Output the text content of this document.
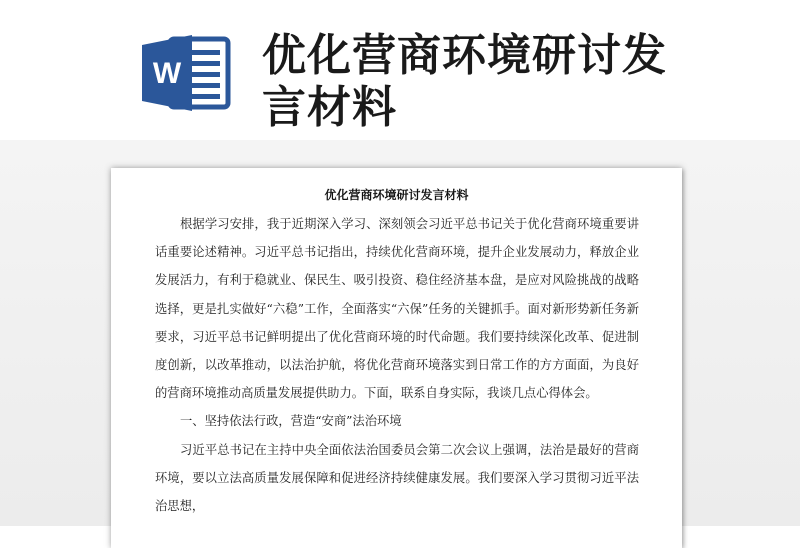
W 优化营商环境研讨发言材料
优化营商环境研讨发言材料

根据学习安排，我于近期深入学习、深刻领会习近平总书记关于优化营商环境重要讲话重要论述精神。习近平总书记指出，持续优化营商环境，提升企业发展动力，释放企业发展活力，有利于稳就业、保民生、吸引投资、稳住经济基本盘，是应对风险挑战的战略选择，更是扎实做好“六稳”工作，全面落实“六保”任务的关键抓手。面对新形势新任务新要求，习近平总书记鲜明提出了优化营商环境的时代命题。我们要持续深化改革、促进制度创新，以改革推动，以法治护航，将优化营商环境落实到日常工作的方方面面，为良好的营商环境推动高质量发展提供助力。下面，联系自身实际，我谈几点心得体会。

一、坚持依法行政，营造“安商”法治环境

习近平总书记在主持中央全面依法治国委员会第二次会议上强调，法治是最好的营商环境，要以立法高质量发展保障和促进经济持续健康发展。我们要深入学习贯彻习近平法治思想，
